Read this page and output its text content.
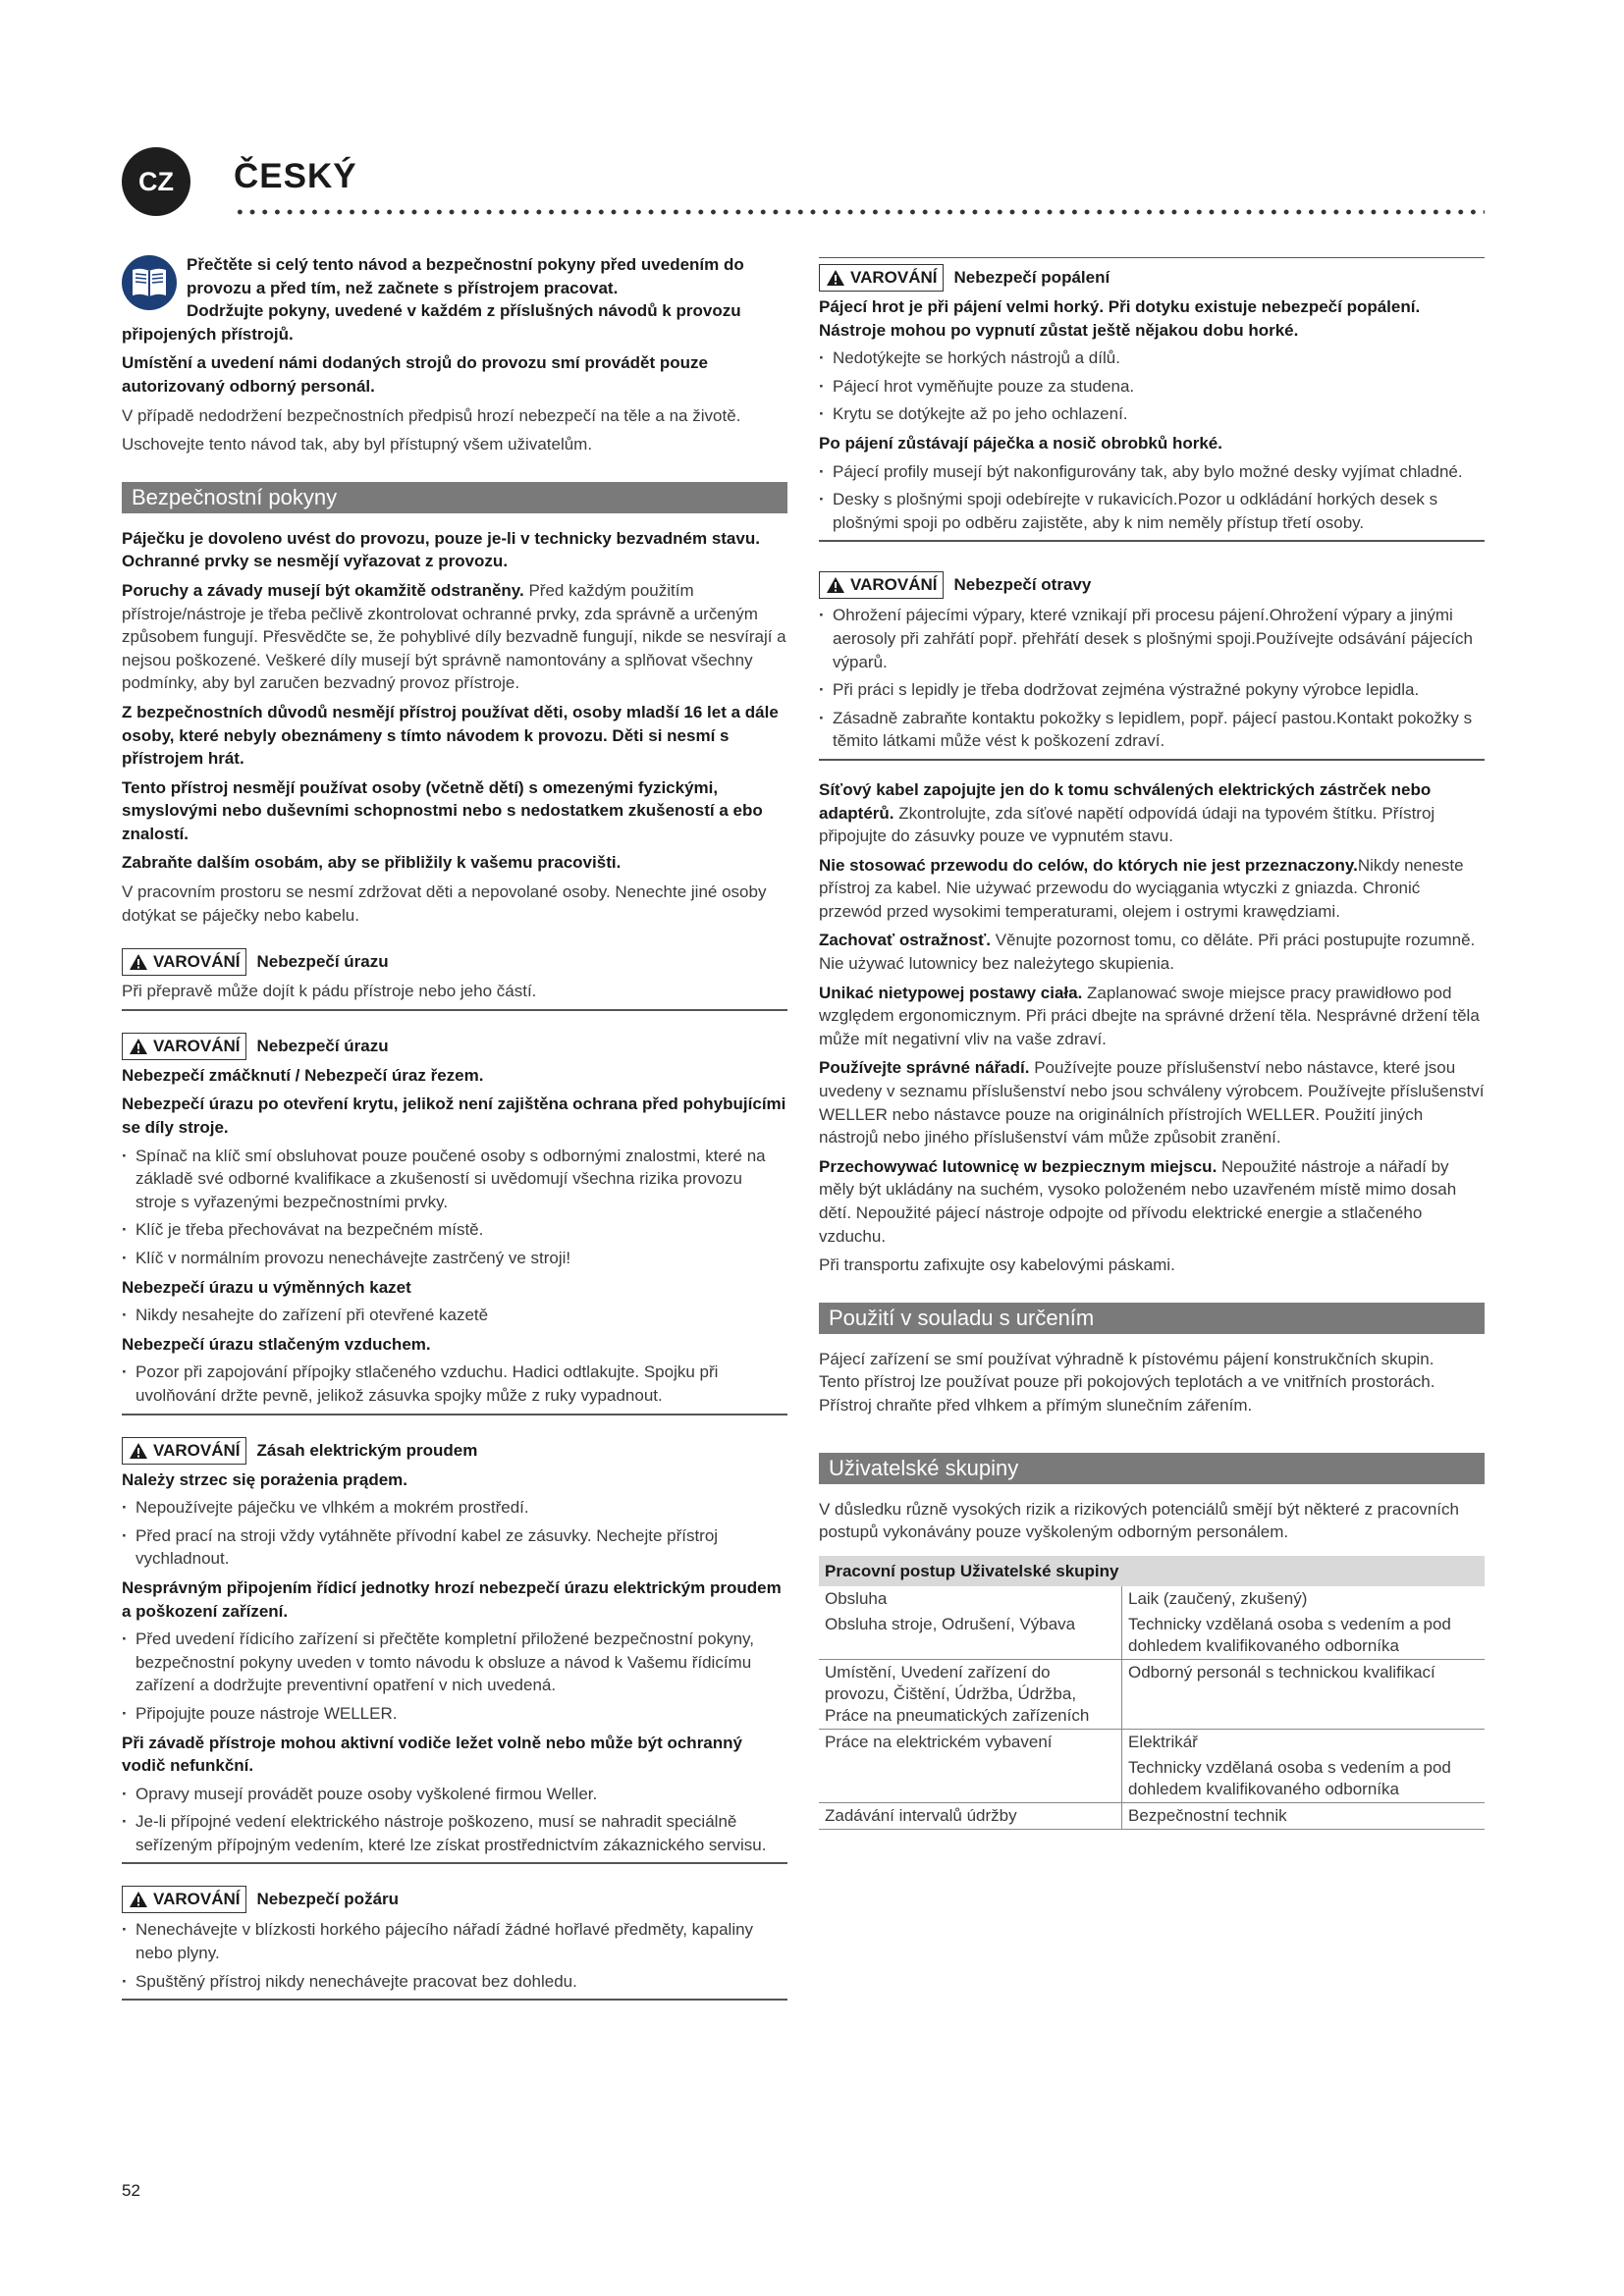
CZ	ČESKÝ

Přečtěte si celý tento návod a bezpečnostní pokyny před uvedením do provozu a před tím, než začnete s přístrojem pracovat.

Dodržujte pokyny, uvedené v každém z příslušných návodů k provozu připojených přístrojů.

Umístění a uvedení námi dodaných strojů do provozu smí provádět pouze autorizovaný odborný personál.

V případě nedodržení bezpečnostních předpisů hrozí nebezpečí na těle a na životě.

Uschovejte tento návod tak, aby byl přístupný všem uživatelům.

Bezpečnostní pokyny

Páječku je dovoleno uvést do provozu, pouze je-li v technicky bezvadném stavu. Ochranné prvky se nesmějí vyřazovat z provozu.

Poruchy a závady musejí být okamžitě odstraněny. Před každým použitím přístroje/nástroje je třeba pečlivě zkontrolovat ochranné prvky, zda správně a určeným způsobem fungují. Přesvědčte se, že pohyblivé díly bezvadně fungují, nikde se nesvírají a nejsou poškozené. Veškeré díly musejí být správně namontovány a splňovat všechny podmínky, aby byl zaručen bezvadný provoz přístroje.

Z bezpečnostních důvodů nesmějí přístroj používat děti, osoby mladší 16 let a dále osoby, které nebyly obeznámeny s tímto návodem k provozu. Děti si nesmí s přístrojem hrát.

Tento přístroj nesmějí používat osoby (včetně dětí) s omezenými fyzickými, smyslovými nebo duševními schopnostmi nebo s nedostatkem zkušeností a ebo znalostí.

Zabraňte dalším osobám, aby se přibližily k vašemu pracovišti.

V pracovním prostoru se nesmí zdržovat děti a nepovolané osoby. Nenechte jiné osoby dotýkat se páječky nebo kabelu.

VAROVÁNÍ Nebezpečí úrazu

Při přepravě může dojít k pádu přístroje nebo jeho částí.

VAROVÁNÍ Nebezpečí úrazu

Nebezpečí zmáčknutí / Nebezpečí úraz řezem.

Nebezpečí úrazu po otevření krytu, jelikož není zajištěna ochrana před pohybujícími se díly stroje.

· Spínač na klíč smí obsluhovat pouze poučené osoby s odbornými znalostmi, které na základě své odborné kvalifikace a zkušeností si uvědomují všechna rizika provozu stroje s vyřazenými bezpečnostními prvky.
· Klíč je třeba přechovávat na bezpečném místě.
· Klíč v normálním provozu nenechávejte zastrčený ve stroji!

Nebezpečí úrazu u výměnných kazet

· Nikdy nesahejte do zařízení při otevřené kazetě

Nebezpečí úrazu stlačeným vzduchem.

· Pozor při zapojování přípojky stlačeného vzduchu. Hadici odtlakujte. Spojku při uvolňování držte pevně, jelikož zásuvka spojky může z ruky vypadnout.
VAROVÁNÍ Zásah elektrickým proudem

Należy strzec się porażenia prądem.

· Nepoužívejte páječku ve vlhkém a mokrém prostředí.
· Před prací na stroji vždy vytáhněte přívodní kabel ze zásuvky. Nechejte přístroj vychladnout.

Nesprávným připojením řídicí jednotky hrozí nebezpečí úrazu elektrickým proudem a poškození zařízení.

· Před uvedení řídicího zařízení si přečtěte kompletní přiložené bezpečnostní pokyny, bezpečnostní pokyny uveden v tomto návodu k obsluze a návod k Vašemu řídicímu zařízení a dodržujte preventivní opatření v nich uvedená.
· Připojujte pouze nástroje WELLER.

Při závadě přístroje mohou aktivní vodiče ležet volně nebo může být ochranný vodič nefunkční.

· Opravy musejí provádět pouze osoby vyškolené firmou Weller.
· Je-li přípojné vedení elektrického nástroje poškozeno, musí se nahradit speciálně seřízeným přípojným vedením, které lze získat prostřednictvím zákaznického servisu.
VAROVÁNÍ Nebezpečí požáru
· Nenechávejte v blízkosti horkého pájecího nářadí žádné hořlavé předměty, kapaliny nebo plyny.
· Spuštěný přístroj nikdy nenechávejte pracovat bez dohledu.
VAROVÁNÍ Nebezpečí popálení

Pájecí hrot je při pájení velmi horký. Při dotyku existuje nebezpečí popálení. Nástroje mohou po vypnutí zůstat ještě nějakou dobu horké.

· Nedotýkejte se horkých nástrojů a dílů.
· Pájecí hrot vyměňujte pouze za studena.
· Krytu se dotýkejte až po jeho ochlazení.

Po pájení zůstávají páječka a nosič obrobků horké.

· Pájecí profily musejí být nakonfigurovány tak, aby bylo možné desky vyjímat chladné.
· Desky s plošnými spoji odebírejte v rukavicích.Pozor u odkládání horkých desek s plošnými spoji po odběru zajistěte, aby k nim neměly přístup třetí osoby.
VAROVÁNÍ Nebezpečí otravy
· Ohrožení pájecími výpary, které vznikají při procesu pájení.Ohrožení výpary a jinými aerosoly při zahřátí popř. přehřátí desek s plošnými spoji.Používejte odsávání pájecích výparů.
· Při práci s lepidly je třeba dodržovat zejména výstražné pokyny výrobce lepidla.
· Zásadně zabraňte kontaktu pokožky s lepidlem, popř. pájecí pastou.Kontakt pokožky s těmito látkami může vést k poškození zdraví.

Síťový kabel zapojujte jen do k tomu schválených elektrických zástrček nebo adaptérů. Zkontrolujte, zda síťové napětí odpovídá údaji na typovém štítku. Přístroj připojujte do zásuvky pouze ve vypnutém stavu.

Nie stosować przewodu do celów, do których nie jest przeznaczony.Nikdy neneste přístroj za kabel. Nie używać przewodu do wyciągania wtyczki z gniazda. Chronić przewód przed wysokimi temperaturami, olejem i ostrymi krawędziami.

Zachovať ostražnosť. Věnujte pozornost tomu, co děláte. Při práci postupujte rozumně. Nie używać lutownicy bez należytego skupienia.

Unikać nietypowej postawy ciała. Zaplanować swoje miejsce pracy prawidłowo pod względem ergonomicznym. Při práci dbejte na správné držení těla. Nesprávné držení těla může mít negativní vliv na vaše zdraví.

Používejte správné nářadí. Používejte pouze příslušenství nebo nástavce, které jsou uvedeny v seznamu příslušenství nebo jsou schváleny výrobcem. Používejte příslušenství WELLER nebo nástavce pouze na originálních přístrojích WELLER. Použití jiných nástrojů nebo jiného příslušenství vám může způsobit zranění.

Przechowywać lutownicę w bezpiecznym miejscu. Nepoužité nástroje a nářadí by měly být ukládány na suchém, vysoko položeném nebo uzavřeném místě mimo dosah dětí. Nepoužité pájecí nástroje odpojte od přívodu elektrické energie a stlačeného vzduchu.

Při transportu zafixujte osy kabelovými páskami.

Použití v souladu s určením

Pájecí zařízení se smí používat výhradně k pístovému pájení konstrukčních skupin.

Tento přístroj lze používat pouze při pokojových teplotách a ve vnitřních prostorách. Přístroj chraňte před vlhkem a přímým slunečním zářením.

Uživatelské skupiny

V důsledku různě vysokých rizik a rizikových potenciálů smějí být některé z pracovních postupů vykonávány pouze vyškoleným odborným personálem.

Pracovní postup Uživatelské skupiny	
Obsluha	Laik (zaučený, zkušený)
Obsluha stroje, Odrušení, Výbava	Technicky vzdělaná osoba s vedením a pod dohledem kvalifikovaného odborníka
Umístění, Uvedení zařízení do provozu, Čištění, Údržba, Údržba, Práce na pneumatických zařízeních	Odborný personál s technickou kvalifikací
Práce na elektrickém vybavení	Elektrikář
	Technicky vzdělaná osoba s vedením a pod dohledem kvalifikovaného odborníka
Zadávání intervalů údržby	Bezpečnostní technik
52
